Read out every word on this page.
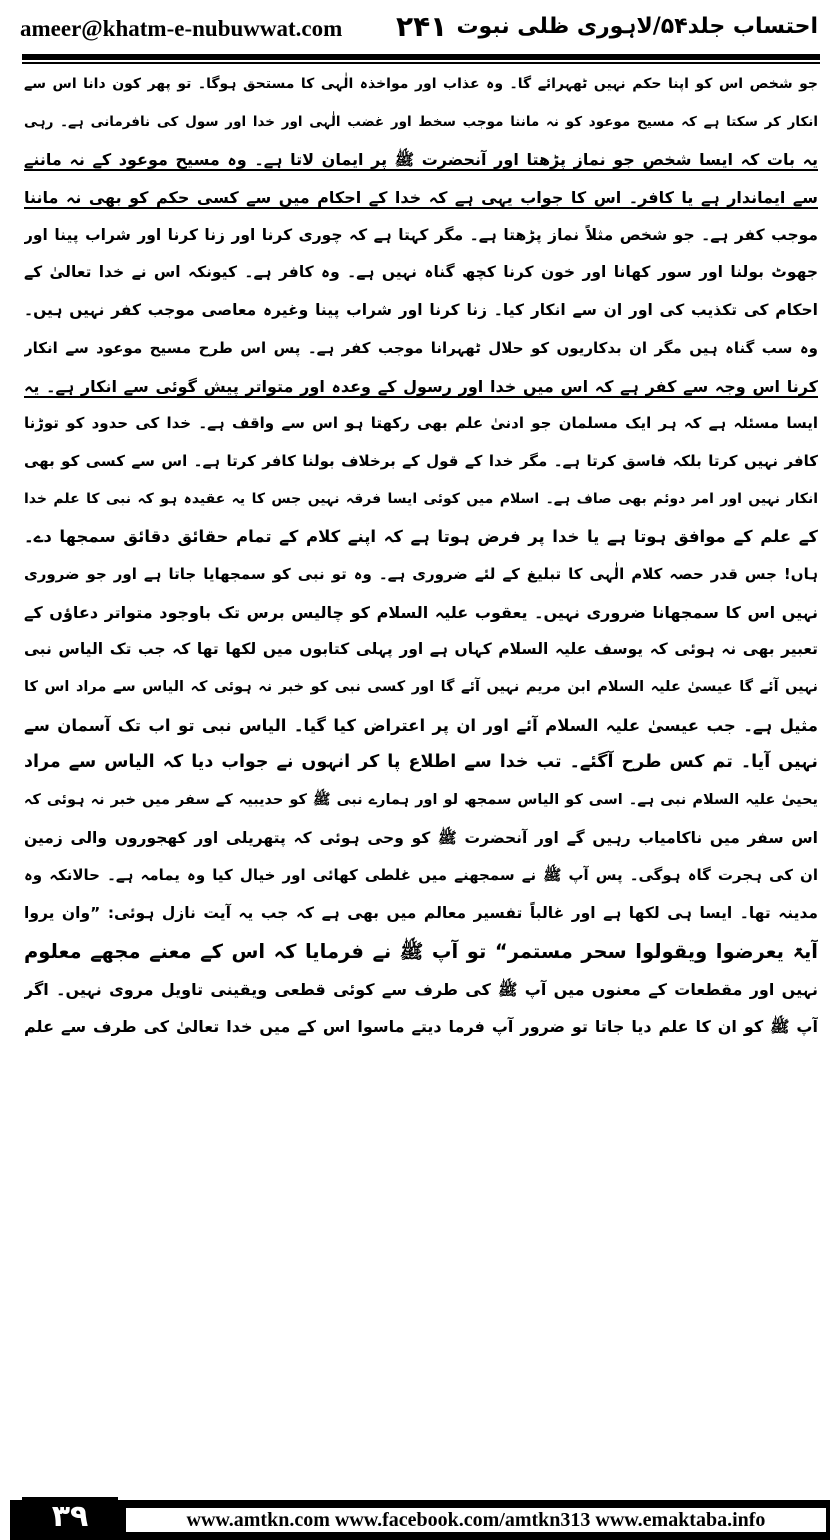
ameer@khatm-e-nubuwwat.com ۲۴۱ احتساب جلد۵۴/لاہوری ظلی نبوت
جو شخص اس کو اپنا حکم نہیں ٹھہرائے گا۔ وہ عذاب اور مواخذہ الٰہی کا مستحق ہوگا۔ تو پھر کون دانا اس سے
انکار کر سکتا ہے کہ مسیح موعود کو نہ ماننا موجب سخط اور غضب الٰہی اور خدا اور سول کی نافرمانی ہے۔ رہی
یہ بات کہ ایسا شخص جو نماز پڑھتا اور آنحضرت ﷺ پر ایمان لاتا ہے۔ وہ مسیح موعود کے نہ ماننے
سے ایماندار ہے یا کافر۔ اس کا جواب یہی ہے کہ خدا کے احکام میں سے کسی حکم کو بھی نہ ماننا
موجب کفر ہے۔ جو شخص مثلاً نماز پڑھتا ہے۔ مگر کہتا ہے کہ چوری کرنا اور زنا کرنا اور شراب پینا اور
جھوٹ بولنا اور سور کھانا اور خون کرنا کچھ گناہ نہیں ہے۔ وہ کافر ہے۔ کیونکہ اس نے خدا تعالیٰ کے
احکام کی تکذیب کی اور ان سے انکار کیا۔ زنا کرنا اور شراب پینا وغیرہ معاصی موجب کفر نہیں ہیں۔
وہ سب گناہ ہیں مگر ان بدکاریوں کو حلال ٹھہرانا موجب کفر ہے۔ پس اس طرح مسیح موعود سے انکار
کرنا اس وجہ سے کفر ہے کہ اس میں خدا اور رسول کے وعدہ اور متواتر پیش گوئی سے انکار ہے۔ یہ
ایسا مسئلہ ہے کہ ہر ایک مسلمان جو ادنیٰ علم بھی رکھتا ہو اس سے واقف ہے۔ خدا کی حدود کو توڑنا
کافر نہیں کرتا بلکہ فاسق کرتا ہے۔ مگر خدا کے قول کے برخلاف بولنا کافر کرتا ہے۔ اس سے کسی کو بھی
انکار نہیں اور امر دوئم بھی صاف ہے۔ اسلام میں کوئی ایسا فرقہ نہیں جس کا یہ عقیدہ ہو کہ نبی کا علم خدا
کے علم کے موافق ہوتا ہے یا خدا پر فرض ہوتا ہے کہ اپنے کلام کے تمام حقائق دقائق سمجھا دے۔
ہاں! جس قدر حصہ کلام الٰہی کا تبلیغ کے لئے ضروری ہے۔ وہ تو نبی کو سمجھایا جاتا ہے اور جو ضروری
نہیں اس کا سمجھانا ضروری نہیں۔ یعقوب علیہ السلام کو چالیس برس تک باوجود متواتر دعاؤں کے
تعبیر بھی نہ ہوئی کہ یوسف علیہ السلام کہاں ہے اور پہلی کتابوں میں لکھا تھا کہ جب تک الیاس نبی
نہیں آئے گا عیسیٰ علیہ السلام ابن مریم نہیں آئے گا اور کسی نبی کو خبر نہ ہوئی کہ الیاس سے مراد اس کا
مثیل ہے۔ جب عیسیٰ علیہ السلام آئے اور ان پر اعتراض کیا گیا۔ الیاس نبی تو اب تک آسمان سے
نہیں آیا۔ تم کس طرح آگئے۔ تب خدا سے اطلاع پا کر انہوں نے جواب دیا کہ الیاس سے مراد
یحییٰ علیہ السلام نبی ہے۔ اسی کو الیاس سمجھ لو اور ہمارے نبی ﷺ کو حدیبیہ کے سفر میں خبر نہ ہوئی کہ
اس سفر میں ناکامیاب رہیں گے اور آنحضرت ﷺ کو وحی ہوئی کہ پتھریلی اور کھجوروں والی زمین
ان کی ہجرت گاہ ہوگی۔ پس آپ ﷺ نے سمجھنے میں غلطی کھائی اور خیال کیا وہ یمامہ ہے۔ حالانکہ وہ
مدینہ تھا۔ ایسا ہی لکھا ہے اور غالباً تفسیر معالم میں بھی ہے کہ جب یہ آیت نازل ہوئی: ”وان یروا
آیۃ یعرضوا ویقولوا سحر مستمر“ تو آپ ﷺ نے فرمایا کہ اس کے معنے مجھے معلوم
نہیں اور مقطعات کے معنوں میں آپ ﷺ کی طرف سے کوئی قطعی ویقینی تاویل مروی نہیں۔ اگر
آپ ﷺ کو ان کا علم دیا جاتا تو ضرور آپ فرما دیتے ماسوا اس کے میں خدا تعالیٰ کی طرف سے علم
۳۹	www.amtkn.com www.facebook.com/amtkn313 www.emaktaba.info
